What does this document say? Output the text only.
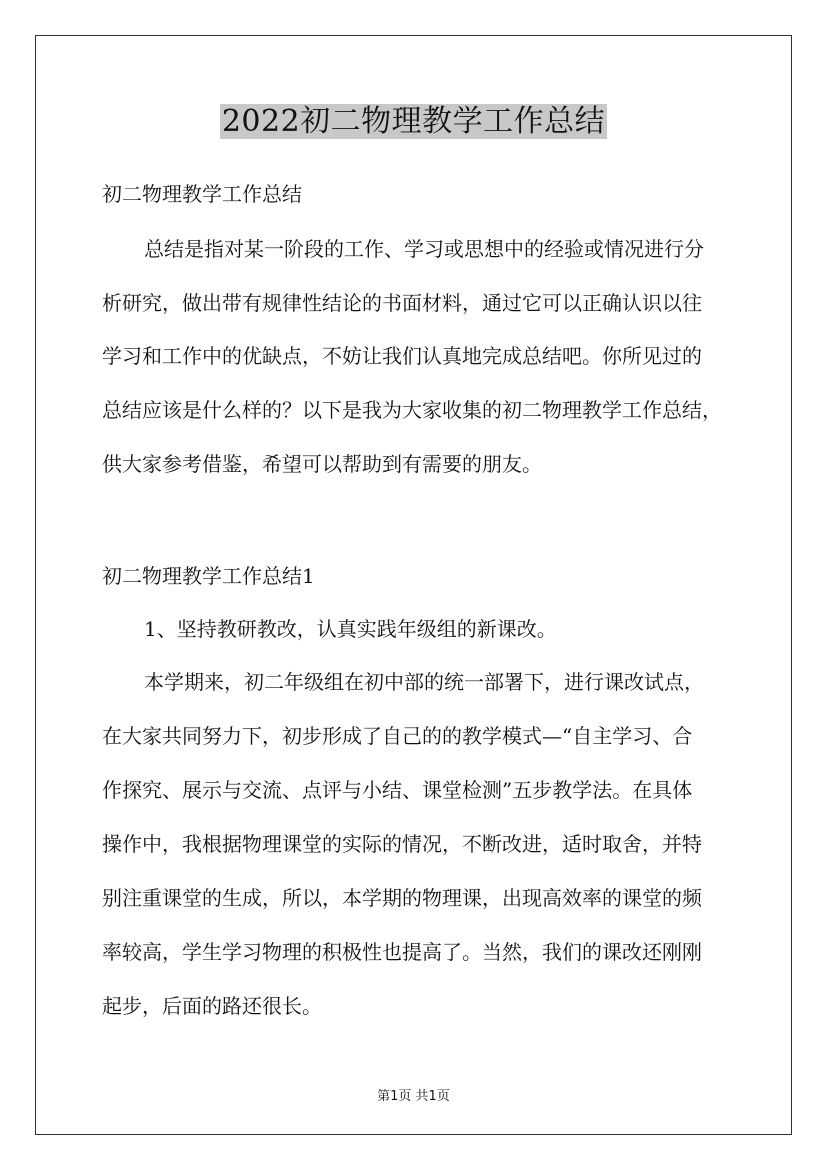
2022初二物理教学工作总结
初二物理教学工作总结
总结是指对某一阶段的工作、学习或思想中的经验或情况进行分
析研究，做出带有规律性结论的书面材料，通过它可以正确认识以往
学习和工作中的优缺点，不妨让我们认真地完成总结吧。你所见过的
总结应该是什么样的？以下是我为大家收集的初二物理教学工作总结，
供大家参考借鉴，希望可以帮助到有需要的朋友。
初二物理教学工作总结1
1、坚持教研教改，认真实践年级组的新课改。
本学期来，初二年级组在初中部的统一部署下，进行课改试点，
在大家共同努力下，初步形成了自己的的教学模式—“自主学习、合
作探究、展示与交流、点评与小结、课堂检测”五步教学法。在具体
操作中，我根据物理课堂的实际的情况，不断改进，适时取舍，并特
别注重课堂的生成，所以，本学期的物理课，出现高效率的课堂的频
率较高，学生学习物理的积极性也提高了。当然，我们的课改还刚刚
起步，后面的路还很长。
第1页 共1页
